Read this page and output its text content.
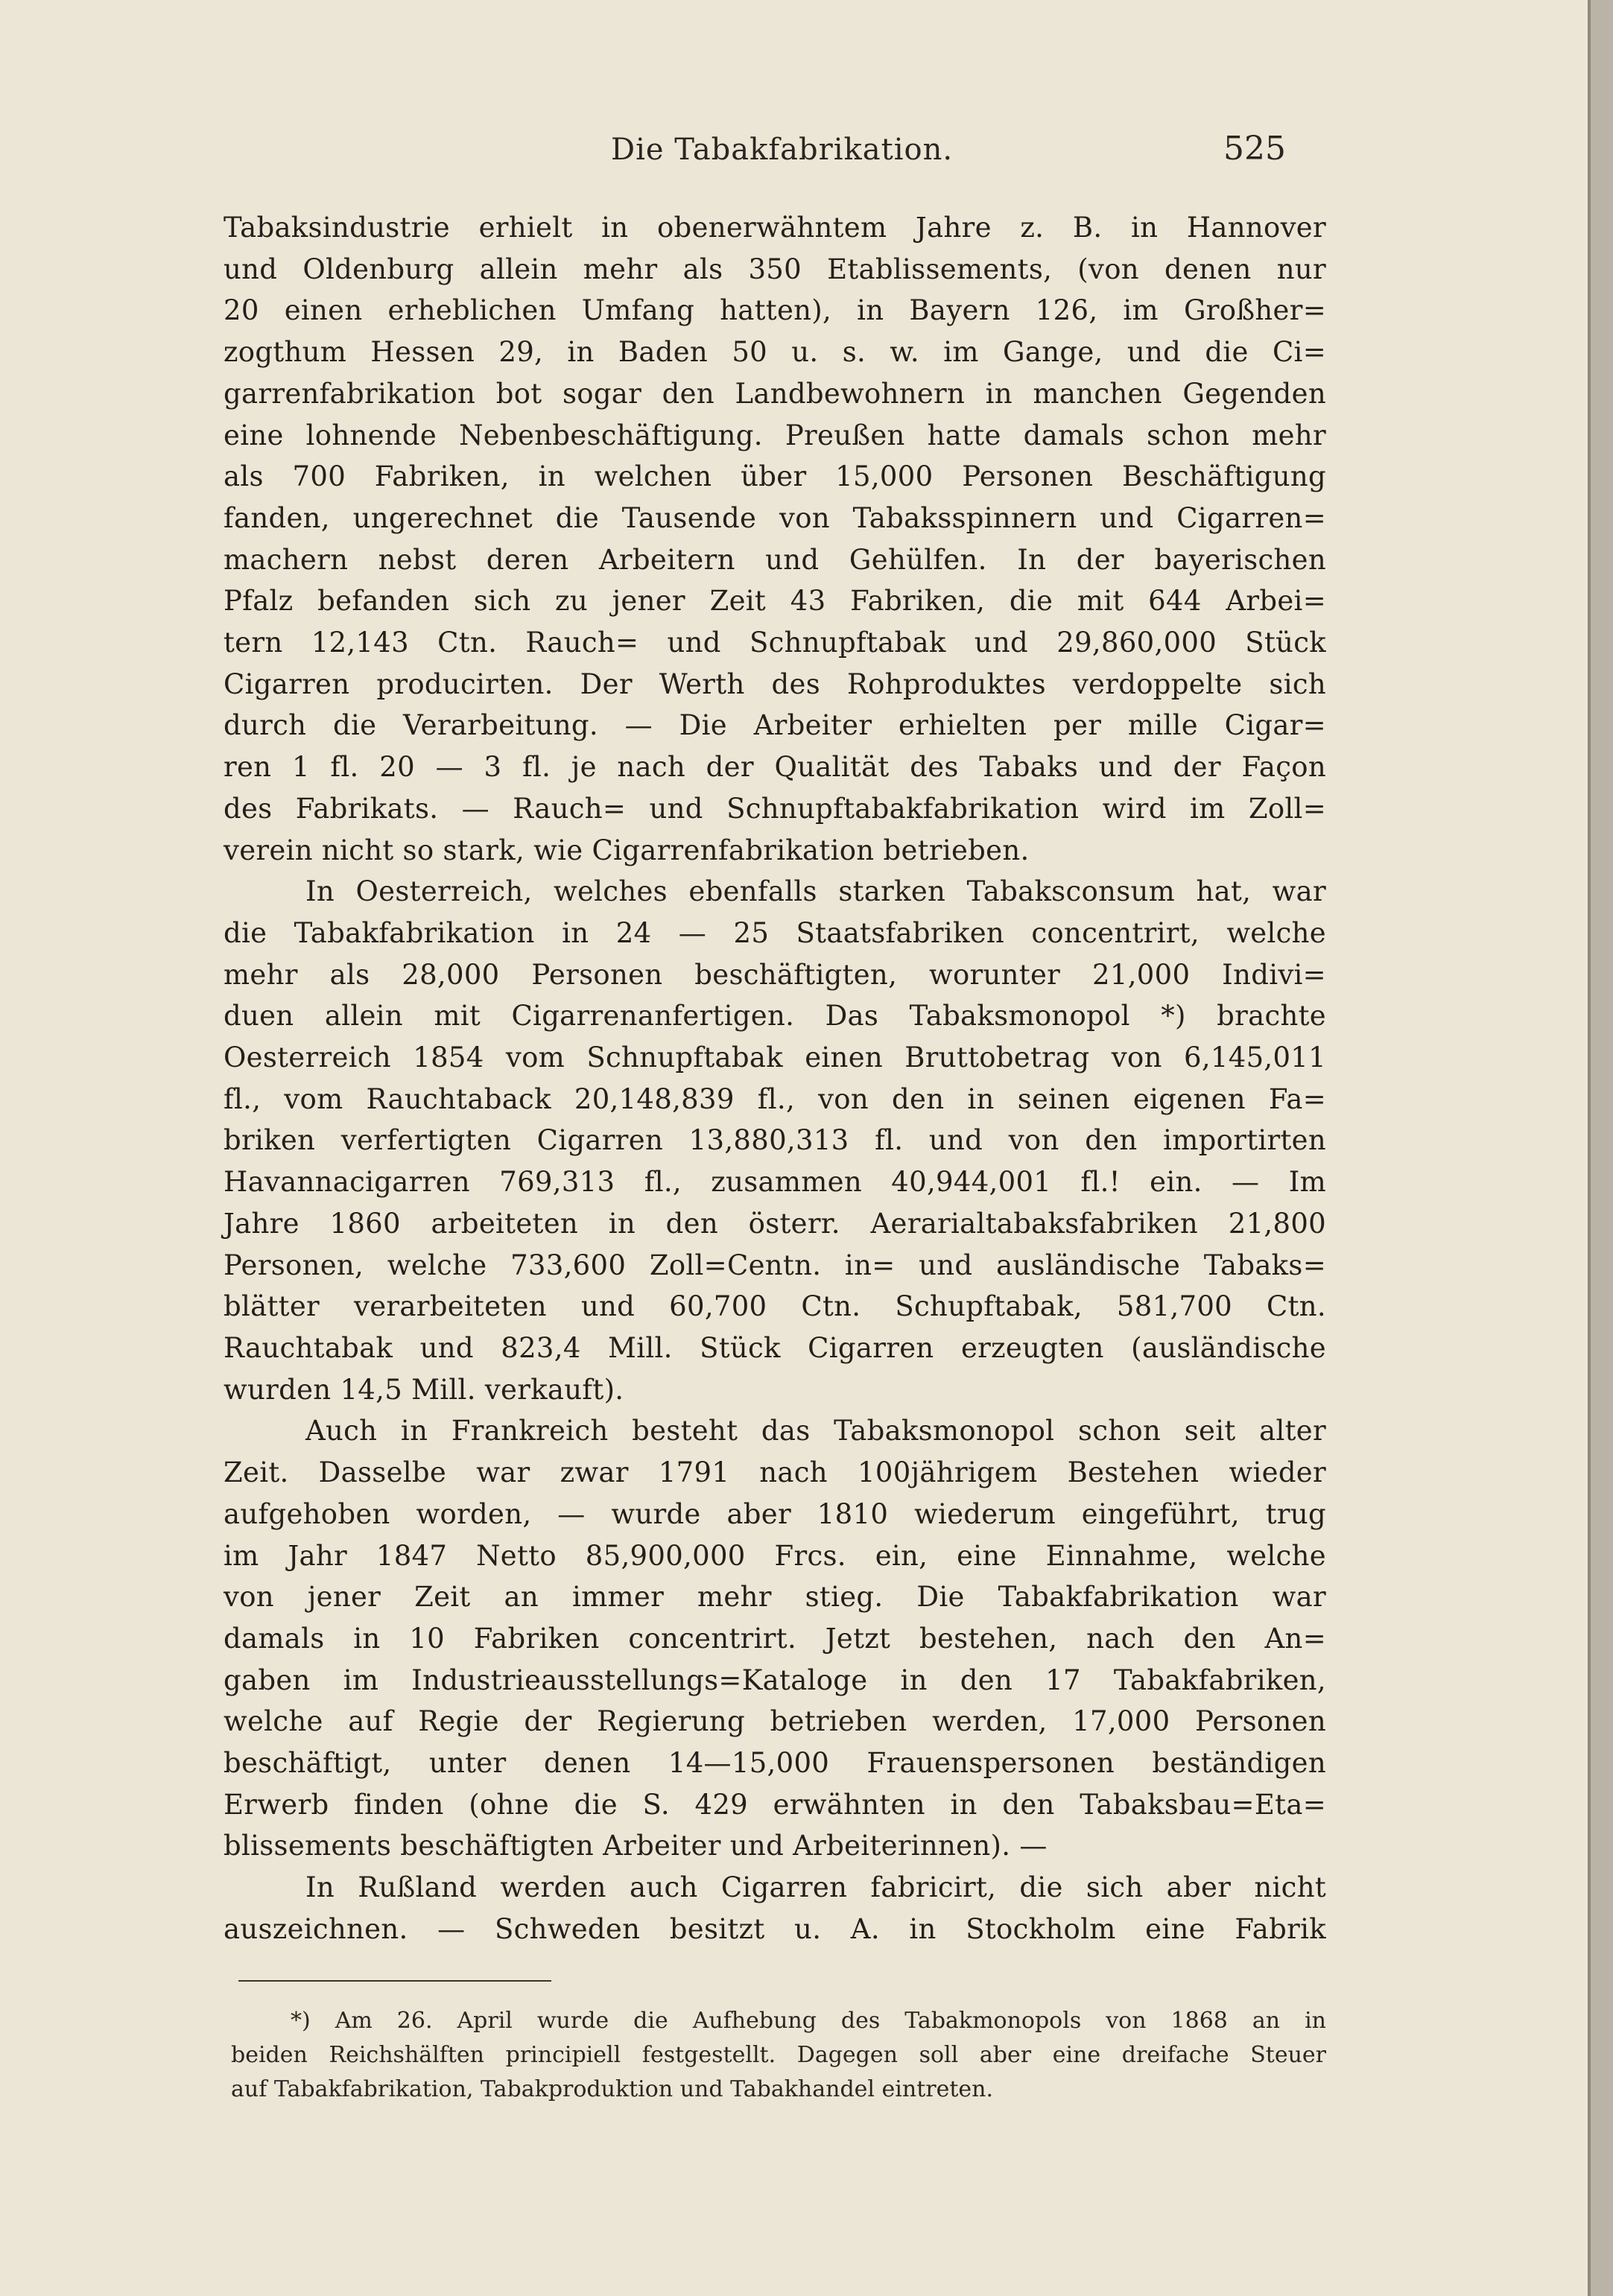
Die Tabakfabrikation.	525
Tabaksindustrie erhielt in obenerwähntem Jahre z. B. in Hannover
und Oldenburg allein mehr als 350 Etablissements, (von denen nur
20 einen erheblichen Umfang hatten), in Bayern 126, im Großher=
zogthum Hessen 29, in Baden 50 u. s. w. im Gange, und die Ci=
garrenfabrikation bot sogar den Landbewohnern in manchen Gegenden
eine lohnende Nebenbeschäftigung. Preußen hatte damals schon mehr
als 700 Fabriken, in welchen über 15,000 Personen Beschäftigung
fanden, ungerechnet die Tausende von Tabaksspinnern und Cigarren=
machern nebst deren Arbeitern und Gehülfen. In der bayerischen
Pfalz befanden sich zu jener Zeit 43 Fabriken, die mit 644 Arbei=
tern 12,143 Ctn. Rauch= und Schnupftabak und 29,860,000 Stück
Cigarren producirten. Der Werth des Rohproduktes verdoppelte sich
durch die Verarbeitung. — Die Arbeiter erhielten per mille Cigar=
ren 1 fl. 20 — 3 fl. je nach der Qualität des Tabaks und der Façon
des Fabrikats. — Rauch= und Schnupftabakfabrikation wird im Zoll=
verein nicht so stark, wie Cigarrenfabrikation betrieben.
In Oesterreich, welches ebenfalls starken Tabaksconsum hat, war
die Tabakfabrikation in 24 — 25 Staatsfabriken concentrirt, welche
mehr als 28,000 Personen beschäftigten, worunter 21,000 Indivi=
duen allein mit Cigarrenanfertigen. Das Tabaksmonopol *) brachte
Oesterreich 1854 vom Schnupftabak einen Bruttobetrag von 6,145,011
fl., vom Rauchtaback 20,148,839 fl., von den in seinen eigenen Fa=
briken verfertigten Cigarren 13,880,313 fl. und von den importirten
Havannacigarren 769,313 fl., zusammen 40,944,001 fl.! ein. — Im
Jahre 1860 arbeiteten in den österr. Aerarialtabaksfabriken 21,800
Personen, welche 733,600 Zoll=Centn. in= und ausländische Tabaks=
blätter verarbeiteten und 60,700 Ctn. Schupftabak, 581,700 Ctn.
Rauchtabak und 823,4 Mill. Stück Cigarren erzeugten (ausländische
wurden 14,5 Mill. verkauft).
Auch in Frankreich besteht das Tabaksmonopol schon seit alter
Zeit. Dasselbe war zwar 1791 nach 100jährigem Bestehen wieder
aufgehoben worden, — wurde aber 1810 wiederum eingeführt, trug
im Jahr 1847 Netto 85,900,000 Frcs. ein, eine Einnahme, welche
von jener Zeit an immer mehr stieg. Die Tabakfabrikation war
damals in 10 Fabriken concentrirt. Jetzt bestehen, nach den An=
gaben im Industrieausstellungs=Kataloge in den 17 Tabakfabriken,
welche auf Regie der Regierung betrieben werden, 17,000 Personen
beschäftigt, unter denen 14—15,000 Frauenspersonen beständigen
Erwerb finden (ohne die S. 429 erwähnten in den Tabaksbau=Eta=
blissements beschäftigten Arbeiter und Arbeiterinnen). —
In Rußland werden auch Cigarren fabricirt, die sich aber nicht
auszeichnen. — Schweden besitzt u. A. in Stockholm eine Fabrik
*) Am 26. April wurde die Aufhebung des Tabakmonopols von 1868 an in
beiden Reichshälften principiell festgestellt. Dagegen soll aber eine dreifache Steuer
auf Tabakfabrikation, Tabakproduktion und Tabakhandel eintreten.
